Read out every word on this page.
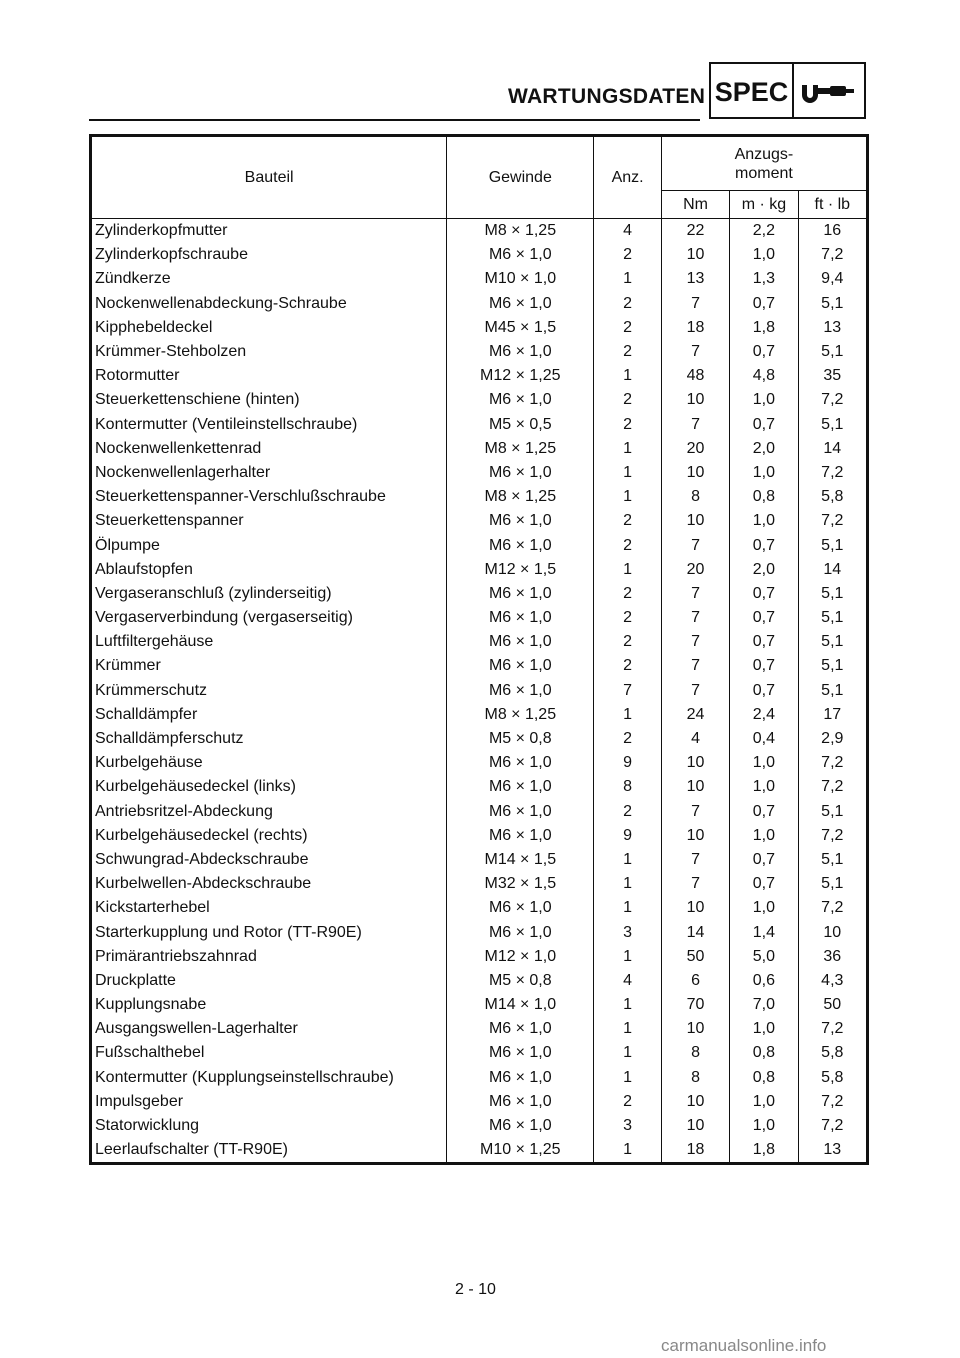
WARTUNGSDATEN SPEC
Bauteil	Gewinde	Anz.	Anzugs-
moment		

			Nm	m · kg	ft · lb
Zylinderkopfmutter	M8 × 1,25	4	22	2,2	16
Zylinderkopfschraube	M6 × 1,0	2	10	1,0	7,2
Zündkerze	M10 × 1,0	1	13	1,3	9,4
Nockenwellenabdeckung-Schraube	M6 × 1,0	2	7	0,7	5,1
Kipphebeldeckel	M45 × 1,5	2	18	1,8	13
Krümmer-Stehbolzen	M6 × 1,0	2	7	0,7	5,1
Rotormutter	M12 × 1,25	1	48	4,8	35
Steuerkettenschiene (hinten)	M6 × 1,0	2	10	1,0	7,2
Kontermutter (Ventileinstellschraube)	M5 × 0,5	2	7	0,7	5,1
Nockenwellenkettenrad	M8 × 1,25	1	20	2,0	14
Nockenwellenlagerhalter	M6 × 1,0	1	10	1,0	7,2
Steuerkettenspanner-Verschlußschraube	M8 × 1,25	1	8	0,8	5,8
Steuerkettenspanner	M6 × 1,0	2	10	1,0	7,2
Ölpumpe	M6 × 1,0	2	7	0,7	5,1
Ablaufstopfen	M12 × 1,5	1	20	2,0	14
Vergaseranschluß (zylinderseitig)	M6 × 1,0	2	7	0,7	5,1
Vergaserverbindung (vergaserseitig)	M6 × 1,0	2	7	0,7	5,1
Luftfiltergehäuse	M6 × 1,0	2	7	0,7	5,1
Krümmer	M6 × 1,0	2	7	0,7	5,1
Krümmerschutz	M6 × 1,0	7	7	0,7	5,1
Schalldämpfer	M8 × 1,25	1	24	2,4	17
Schalldämpferschutz	M5 × 0,8	2	4	0,4	2,9
Kurbelgehäuse	M6 × 1,0	9	10	1,0	7,2
Kurbelgehäusedeckel (links)	M6 × 1,0	8	10	1,0	7,2
Antriebsritzel-Abdeckung	M6 × 1,0	2	7	0,7	5,1
Kurbelgehäusedeckel (rechts)	M6 × 1,0	9	10	1,0	7,2
Schwungrad-Abdeckschraube	M14 × 1,5	1	7	0,7	5,1
Kurbelwellen-Abdeckschraube	M32 × 1,5	1	7	0,7	5,1
Kickstarterhebel	M6 × 1,0	1	10	1,0	7,2
Starterkupplung und Rotor (TT-R90E)	M6 × 1,0	3	14	1,4	10
Primärantriebszahnrad	M12 × 1,0	1	50	5,0	36
Druckplatte	M5 × 0,8	4	6	0,6	4,3
Kupplungsnabe	M14 × 1,0	1	70	7,0	50
Ausgangswellen-Lagerhalter	M6 × 1,0	1	10	1,0	7,2
Fußschalthebel	M6 × 1,0	1	8	0,8	5,8
Kontermutter (Kupplungseinstellschraube)	M6 × 1,0	1	8	0,8	5,8
Impulsgeber	M6 × 1,0	2	10	1,0	7,2
Statorwicklung	M6 × 1,0	3	10	1,0	7,2
Leerlaufschalter (TT-R90E)	M10 × 1,25	1	18	1,8	13
2 - 10
carmanualsonline.info
